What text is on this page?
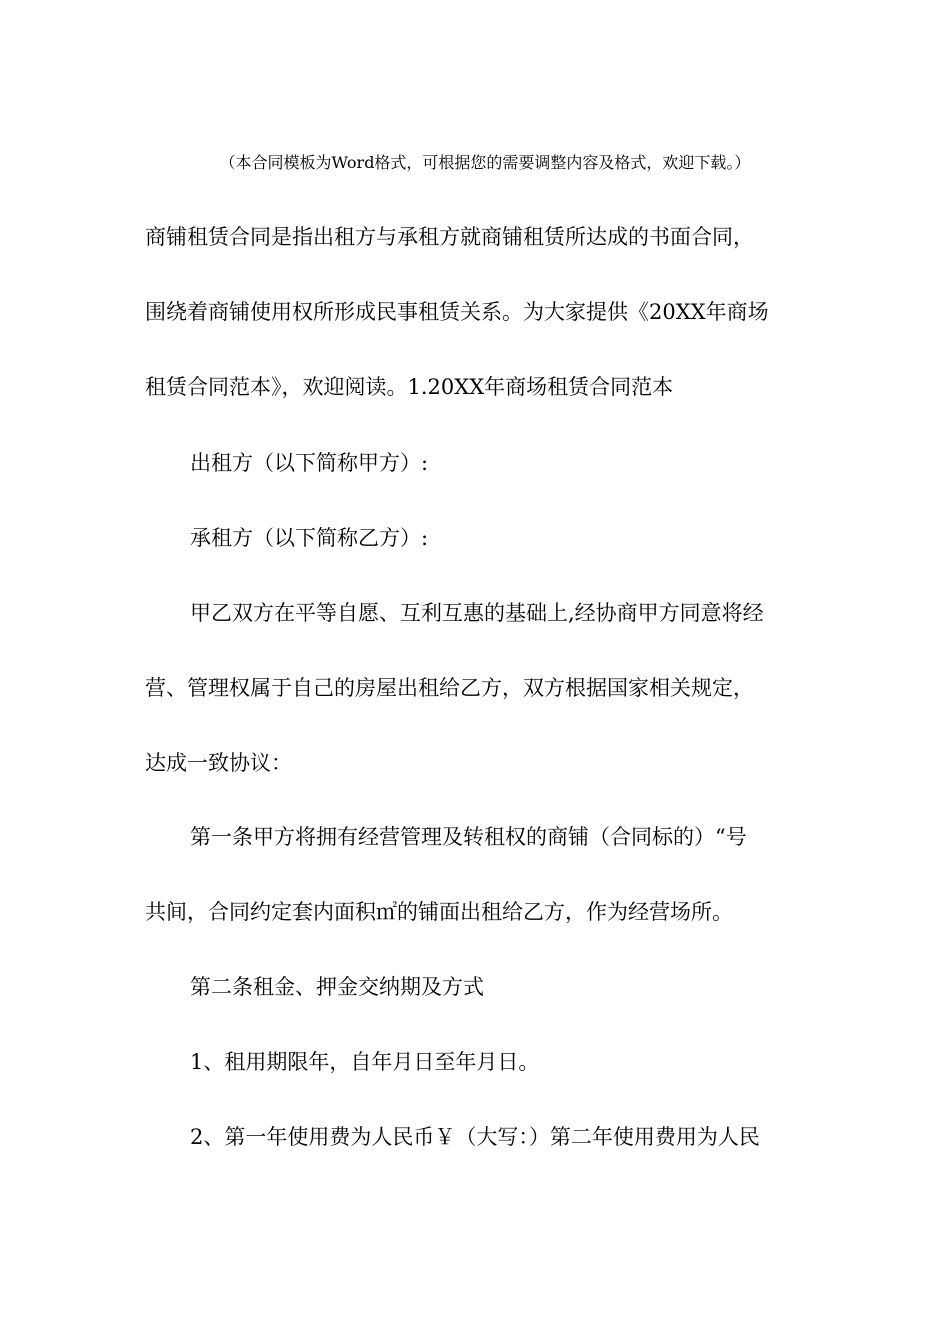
（本合同模板为Word格式，可根据您的需要调整内容及格式，欢迎下载。）
商铺租赁合同是指出租方与承租方就商铺租赁所达成的书面合同，
围绕着商铺使用权所形成民事租赁关系。为大家提供《20XX年商场
租赁合同范本》，欢迎阅读。1.20XX年商场租赁合同范本
出租方（以下简称甲方）:
承租方（以下简称乙方）:
甲乙双方在平等自愿、互利互惠的基础上,经协商甲方同意将经
营、管理权属于自己的房屋出租给乙方，双方根据国家相关规定，
达成一致协议：
第一条甲方将拥有经营管理及转租权的商铺（合同标的）“号
共间，合同约定套内面积㎡的铺面出租给乙方，作为经营场所。
第二条租金、押金交纳期及方式
1、租用期限年，自年月日至年月日。
2、第一年使用费为人民币￥（大写：）第二年使用费用为人民
